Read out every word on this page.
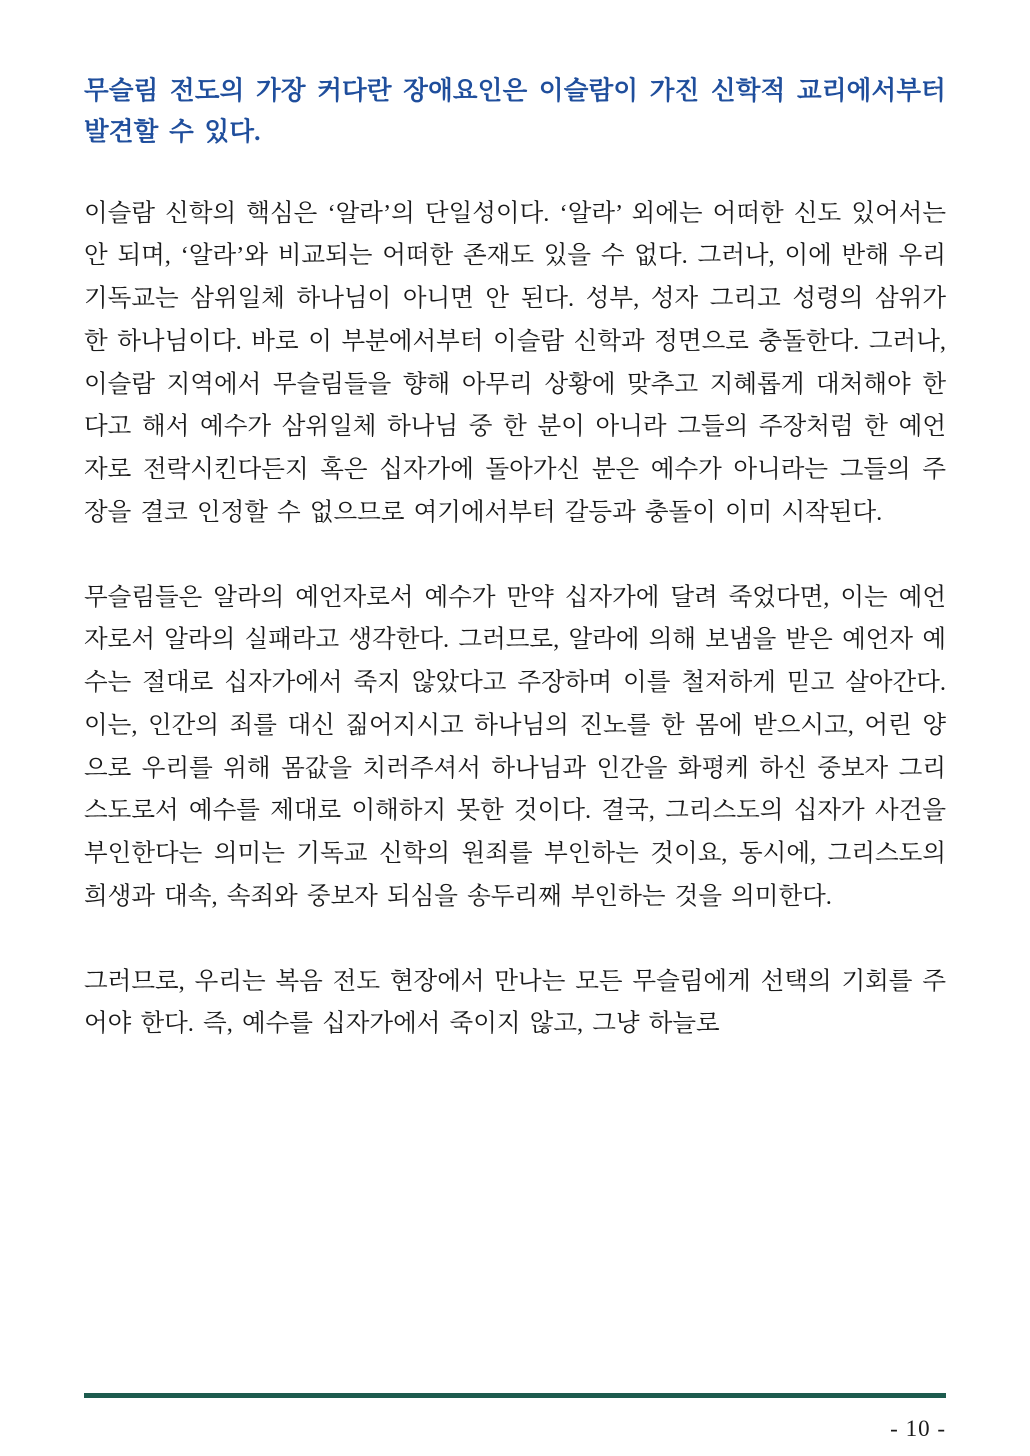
무슬림 전도의 가장 커다란 장애요인은 이슬람이 가진 신학적 교리에서부터 발견할 수 있다.

이슬람 신학의 핵심은 ‘알라’의 단일성이다. ‘알라’ 외에는 어떠한 신도 있어서는 안 되며, ‘알라’와 비교되는 어떠한 존재도 있을 수 없다. 그러나, 이에 반해 우리 기독교는 삼위일체 하나님이 아니면 안 된다. 성부, 성자 그리고 성령의 삼위가 한 하나님이다. 바로 이 부분에서부터 이슬람 신학과 정면으로 충돌한다. 그러나, 이슬람 지역에서 무슬림들을 향해 아무리 상황에 맞추고 지혜롭게 대처해야 한다고 해서 예수가 삼위일체 하나님 중 한 분이 아니라 그들의 주장처럼 한 예언자로 전락시킨다든지 혹은 십자가에 돌아가신 분은 예수가 아니라는 그들의 주장을 결코 인정할 수 없으므로 여기에서부터 갈등과 충돌이 이미 시작된다.

무슬림들은 알라의 예언자로서 예수가 만약 십자가에 달려 죽었다면, 이는 예언자로서 알라의 실패라고 생각한다. 그러므로, 알라에 의해 보냄을 받은 예언자 예수는 절대로 십자가에서 죽지 않았다고 주장하며 이를 철저하게 믿고 살아간다. 이는, 인간의 죄를 대신 짊어지시고 하나님의 진노를 한 몸에 받으시고, 어린 양으로 우리를 위해 몸값을 치러주셔서 하나님과 인간을 화평케 하신 중보자 그리스도로서 예수를 제대로 이해하지 못한 것이다. 결국, 그리스도의 십자가 사건을 부인한다는 의미는 기독교 신학의 원죄를 부인하는 것이요, 동시에, 그리스도의 희생과 대속, 속죄와 중보자 되심을 송두리째 부인하는 것을 의미한다.

그러므로, 우리는 복음 전도 현장에서 만나는 모든 무슬림에게 선택의 기회를 주어야 한다. 즉, 예수를 십자가에서 죽이지 않고, 그냥 하늘로

- 10 -
